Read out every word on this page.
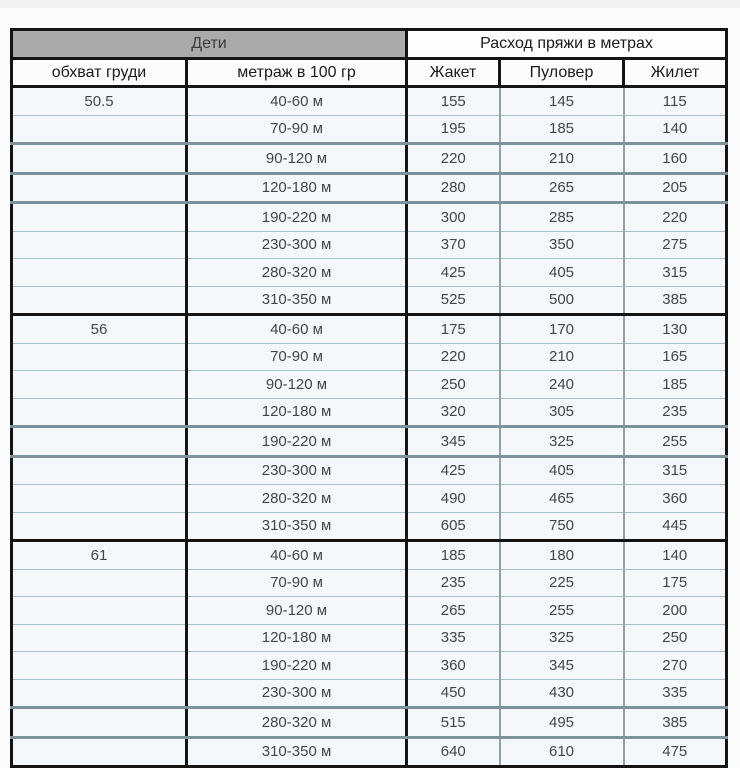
Дети		Расход пряжи в метрах		
обхват груди	метраж в 100 гр	Жакет	Пуловер	Жилет
50.5	40-60 м	155	145	115
	70-90 м	195	185	140
	90-120 м	220	210	160
	120-180 м	280	265	205
	190-220 м	300	285	220
	230-300 м	370	350	275
	280-320 м	425	405	315
	310-350 м	525	500	385
56	40-60 м	175	170	130
	70-90 м	220	210	165
	90-120 м	250	240	185
	120-180 м	320	305	235
	190-220 м	345	325	255
	230-300 м	425	405	315
	280-320 м	490	465	360
	310-350 м	605	750	445
61	40-60 м	185	180	140
	70-90 м	235	225	175
	90-120 м	265	255	200
	120-180 м	335	325	250
	190-220 м	360	345	270
	230-300 м	450	430	335
	280-320 м	515	495	385
	310-350 м	640	610	475
